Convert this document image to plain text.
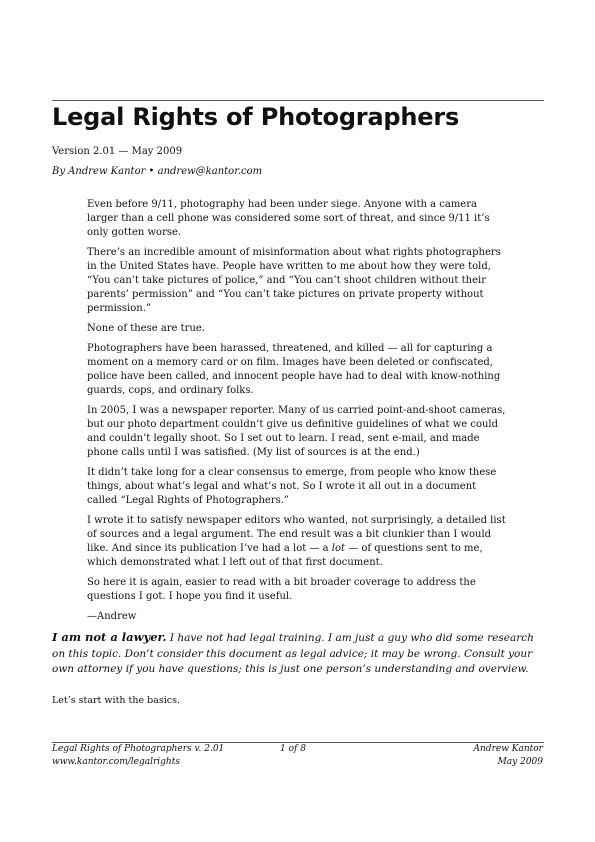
Legal Rights of Photographers
Version 2.01 — May 2009
By Andrew Kantor • andrew@kantor.com

Even before 9/11, photography had been under siege. Anyone with a camera larger than a cell phone was considered some sort of threat, and since 9/11 it’s only gotten worse.

There’s an incredible amount of misinformation about what rights photographers in the United States have. People have written to me about how they were told, “You can’t take pictures of police,” and “You can’t shoot children without their parents’ permission” and “You can’t take pictures on private property without permission.”

None of these are true.

Photographers have been harassed, threatened, and killed — all for capturing a moment on a memory card or on film. Images have been deleted or confiscated, police have been called, and innocent people have had to deal with know-nothing guards, cops, and ordinary folks.

In 2005, I was a newspaper reporter. Many of us carried point-and-shoot cameras, but our photo department couldn’t give us definitive guidelines of what we could and couldn’t legally shoot. So I set out to learn. I read, sent e-mail, and made phone calls until I was satisfied. (My list of sources is at the end.)

It didn’t take long for a clear consensus to emerge, from people who know these things, about what’s legal and what’s not. So I wrote it all out in a document called “Legal Rights of Photographers.”

I wrote it to satisfy newspaper editors who wanted, not surprisingly, a detailed list of sources and a legal argument. The end result was a bit clunkier than I would like. And since its publication I’ve had a lot — a lot — of questions sent to me, which demonstrated what I left out of that first document.

So here it is again, easier to read with a bit broader coverage to address the questions I got. I hope you find it useful.

—Andrew

I am not a lawyer. I have not had legal training. I am just a guy who did some research on this topic. Don’t consider this document as legal advice; it may be wrong. Consult your own attorney if you have questions; this is just one person’s understanding and overview.

Let’s start with the basics.
Legal Rights of Photographers v. 2.01
www.kantor.com/legalrights
1 of 8	Andrew Kantor
May 2009
